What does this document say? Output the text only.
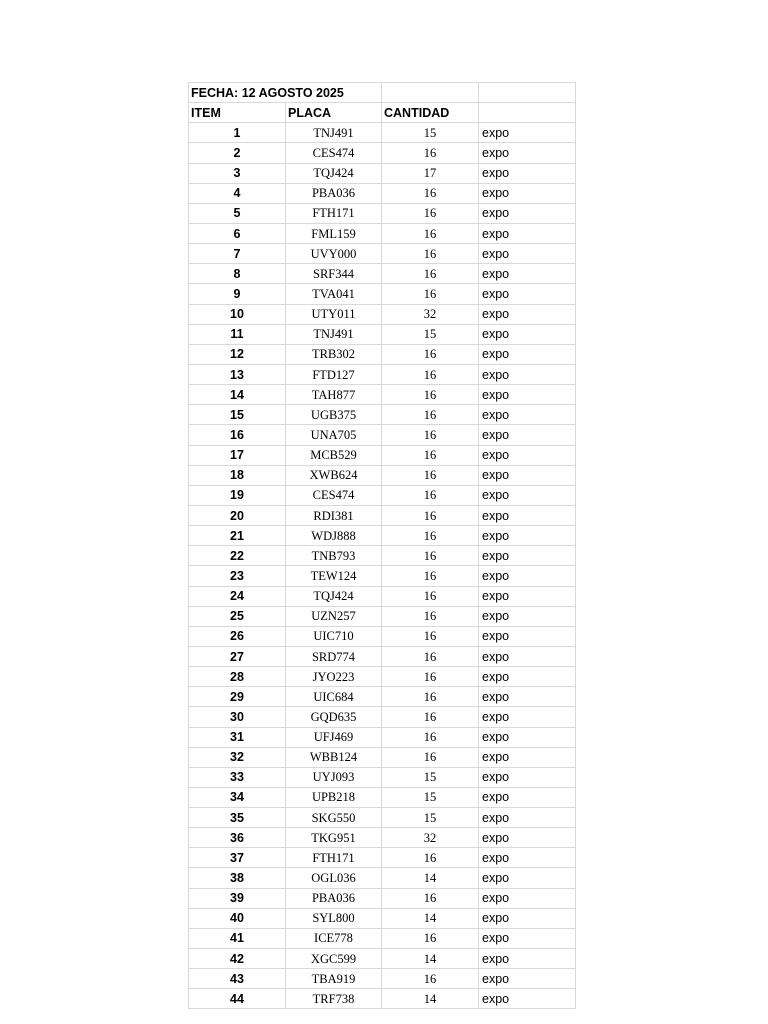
FECHA: 12 AGOSTO 2025			
ITEM	PLACA	CANTIDAD	
1	TNJ491	15	expo
2	CES474	16	expo
3	TQJ424	17	expo
4	PBA036	16	expo
5	FTH171	16	expo
6	FML159	16	expo
7	UVY000	16	expo
8	SRF344	16	expo
9	TVA041	16	expo
10	UTY011	32	expo
11	TNJ491	15	expo
12	TRB302	16	expo
13	FTD127	16	expo
14	TAH877	16	expo
15	UGB375	16	expo
16	UNA705	16	expo
17	MCB529	16	expo
18	XWB624	16	expo
19	CES474	16	expo
20	RDI381	16	expo
21	WDJ888	16	expo
22	TNB793	16	expo
23	TEW124	16	expo
24	TQJ424	16	expo
25	UZN257	16	expo
26	UIC710	16	expo
27	SRD774	16	expo
28	JYO223	16	expo
29	UIC684	16	expo
30	GQD635	16	expo
31	UFJ469	16	expo
32	WBB124	16	expo
33	UYJ093	15	expo
34	UPB218	15	expo
35	SKG550	15	expo
36	TKG951	32	expo
37	FTH171	16	expo
38	OGL036	14	expo
39	PBA036	16	expo
40	SYL800	14	expo
41	ICE778	16	expo
42	XGC599	14	expo
43	TBA919	16	expo
44	TRF738	14	expo
